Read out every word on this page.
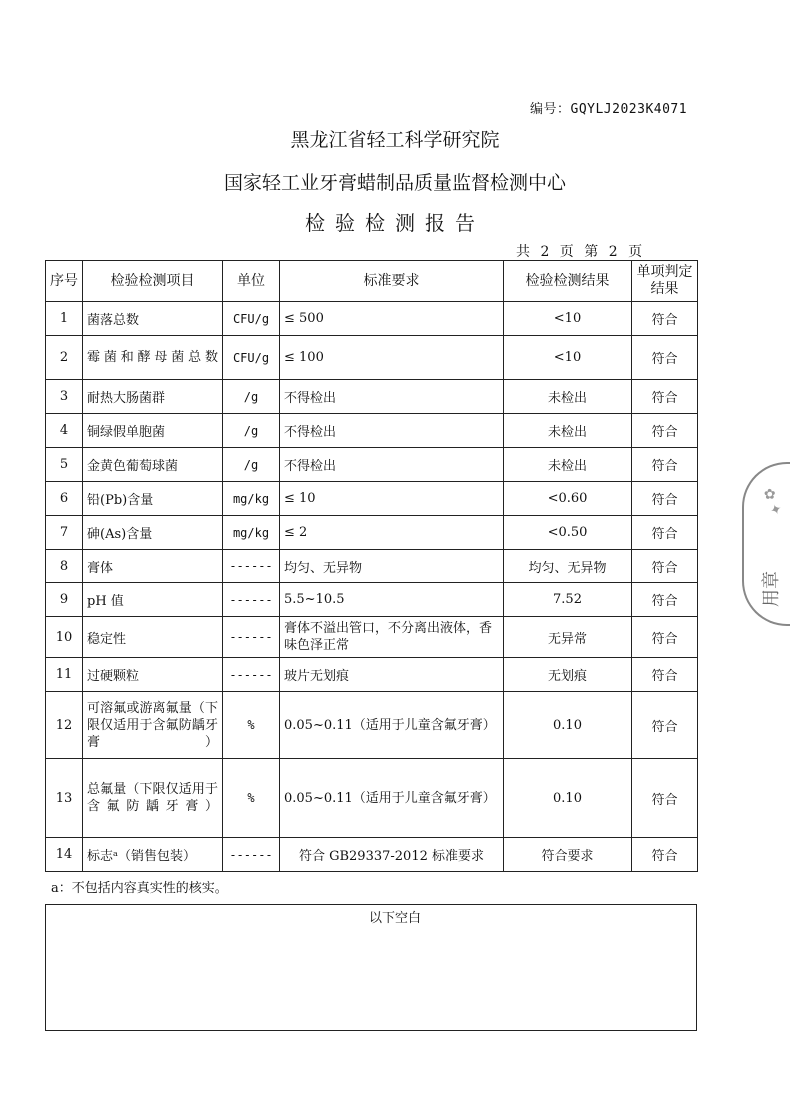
编号：GQYLJ2023K4071
黑龙江省轻工科学研究院
国家轻工业牙膏蜡制品质量监督检测中心
检验检测报告
共 2 页 第 2 页
序号	检验检测项目	单位	标准要求	检验检测结果	单项判定结果
1	菌落总数	CFU/g	≤ 500	<10	符合
2	霉菌和酵母菌总数	CFU/g	≤ 100	<10	符合
3	耐热大肠菌群	/g	不得检出	未检出	符合
4	铜绿假单胞菌	/g	不得检出	未检出	符合
5	金黄色葡萄球菌	/g	不得检出	未检出	符合
6	铅(Pb)含量	mg/kg	≤ 10	<0.60	符合
7	砷(As)含量	mg/kg	≤ 2	<0.50	符合
8	膏体	------	均匀、无异物	均匀、无异物	符合
9	pH 值	------	5.5~10.5	7.52	符合
10	稳定性	------	膏体不溢出管口，不分离出液体，香味色泽正常	无异常	符合
11	过硬颗粒	------	玻片无划痕	无划痕	符合
12	可溶氟或游离氟量（下限仅适用于含氟防龋牙膏）	%	0.05~0.11（适用于儿童含氟牙膏）	0.10	符合
13	总氟量（下限仅适用于含氟防龋牙膏）	%	0.05~0.11（适用于儿童含氟牙膏）	0.10	符合
14	标志ᵃ（销售包装）	------	符合 GB29337-2012 标准要求	符合要求	符合
a：不包括内容真实性的核实。
以下空白
✿ ✦
用章
